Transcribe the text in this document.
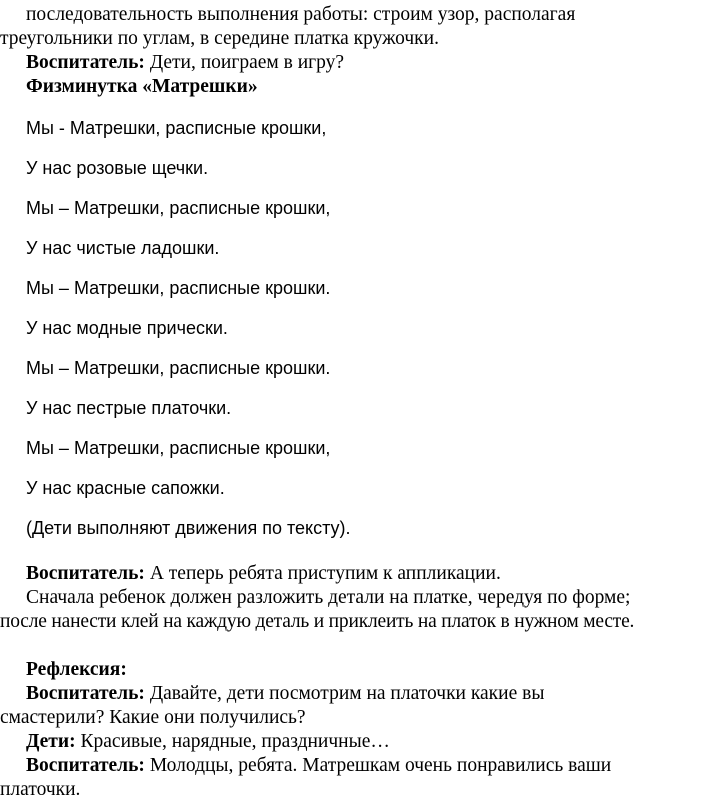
последовательность выполнения работы: строим узор, располагая

треугольники по углам, в середине платка кружочки.

Воспитатель: Дети, поиграем в игру?

Физминутка «Матрешки»

Мы - Матрешки, расписные крошки,

У нас розовые щечки.

Мы – Матрешки, расписные крошки,

У нас чистые ладошки.

Мы – Матрешки, расписные крошки.

У нас модные прически.

Мы – Матрешки, расписные крошки.

У нас пестрые платочки.

Мы – Матрешки, расписные крошки,

У нас красные сапожки.

(Дети выполняют движения по тексту).

Воспитатель: А теперь ребята приступим к аппликации.

Сначала ребенок должен разложить детали на платке, чередуя по форме;

после нанести клей на каждую деталь и приклеить на платок в нужном месте.

Рефлексия:

Воспитатель: Давайте, дети посмотрим на платочки какие вы

смастерили? Какие они получились?

Дети: Красивые, нарядные, праздничные…

Воспитатель: Молодцы, ребята. Матрешкам очень понравились ваши

платочки.
